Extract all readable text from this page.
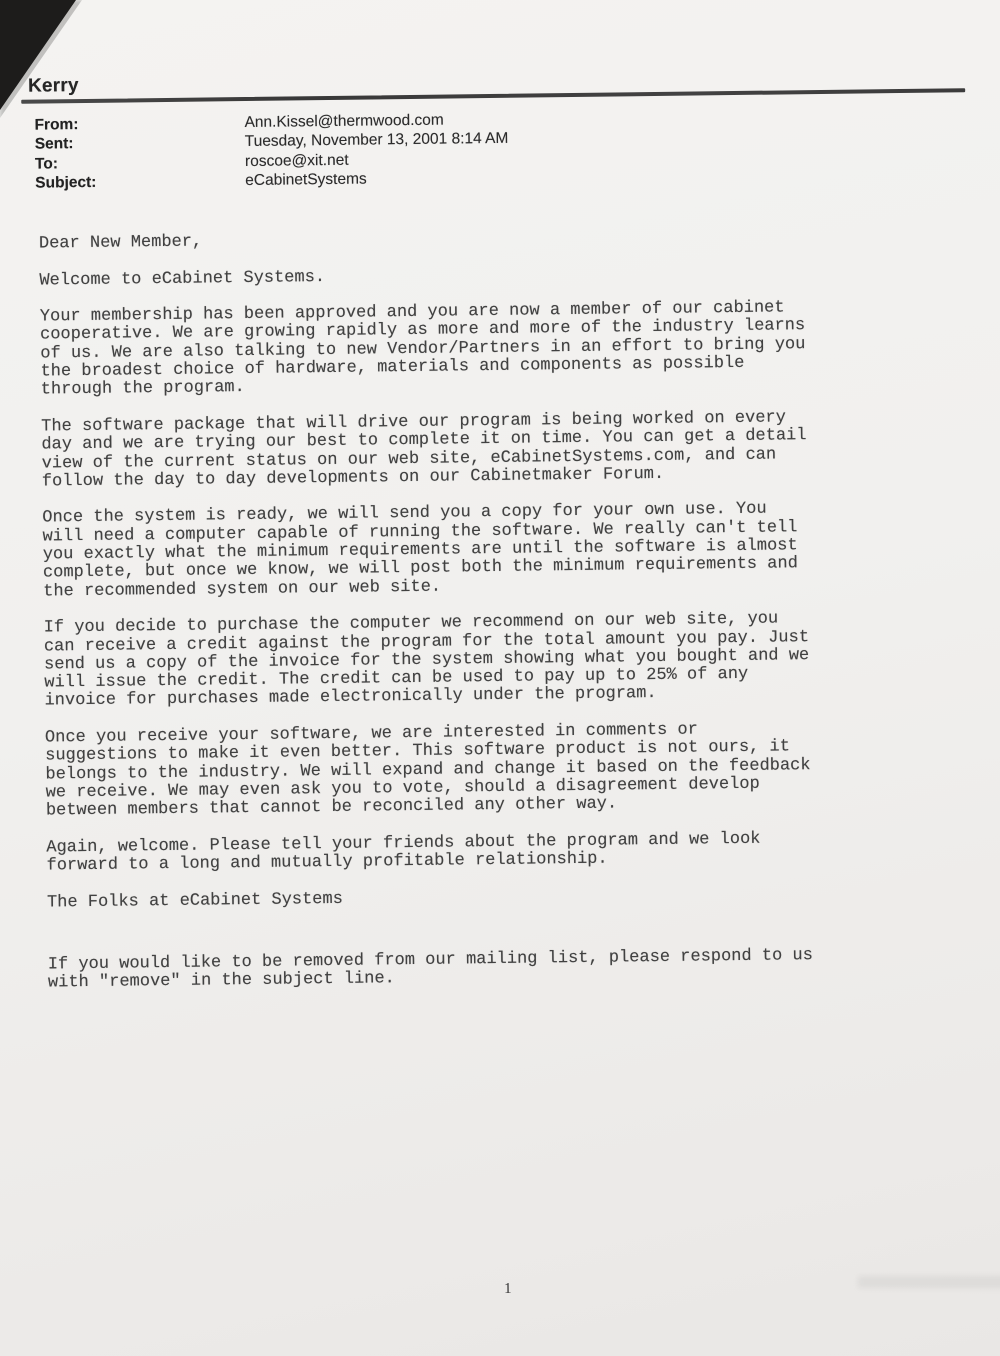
Kerry
From:	Ann.Kissel@thermwood.com
Sent:	Tuesday, November 13, 2001 8:14 AM
To:	roscoe@xit.net
Subject:	eCabinetSystems
Dear New Member,
Welcome to eCabinet Systems.
Your membership has been approved and you are now a member of our cabinet
cooperative. We are growing rapidly as more and more of the industry learns
of us. We are also talking to new Vendor/Partners in an effort to bring you
the broadest choice of hardware, materials and components as possible
through the program.
The software package that will drive our program is being worked on every
day and we are trying our best to complete it on time. You can get a detail
view of the current status on our web site, eCabinetSystems.com, and can
follow the day to day developments on our Cabinetmaker Forum.
Once the system is ready, we will send you a copy for your own use. You
will need a computer capable of running the software. We really can't tell
you exactly what the minimum requirements are until the software is almost
complete, but once we know, we will post both the minimum requirements and
the recommended system on our web site.
If you decide to purchase the computer we recommend on our web site, you
can receive a credit against the program for the total amount you pay. Just
send us a copy of the invoice for the system showing what you bought and we
will issue the credit. The credit can be used to pay up to 25% of any
invoice for purchases made electronically under the program.
Once you receive your software, we are interested in comments or
suggestions to make it even better. This software product is not ours, it
belongs to the industry. We will expand and change it based on the feedback
we receive. We may even ask you to vote, should a disagreement develop
between members that cannot be reconciled any other way.
Again, welcome. Please tell your friends about the program and we look
forward to a long and mutually profitable relationship.
The Folks at eCabinet Systems
If you would like to be removed from our mailing list, please respond to us
with "remove" in the subject line.
1
